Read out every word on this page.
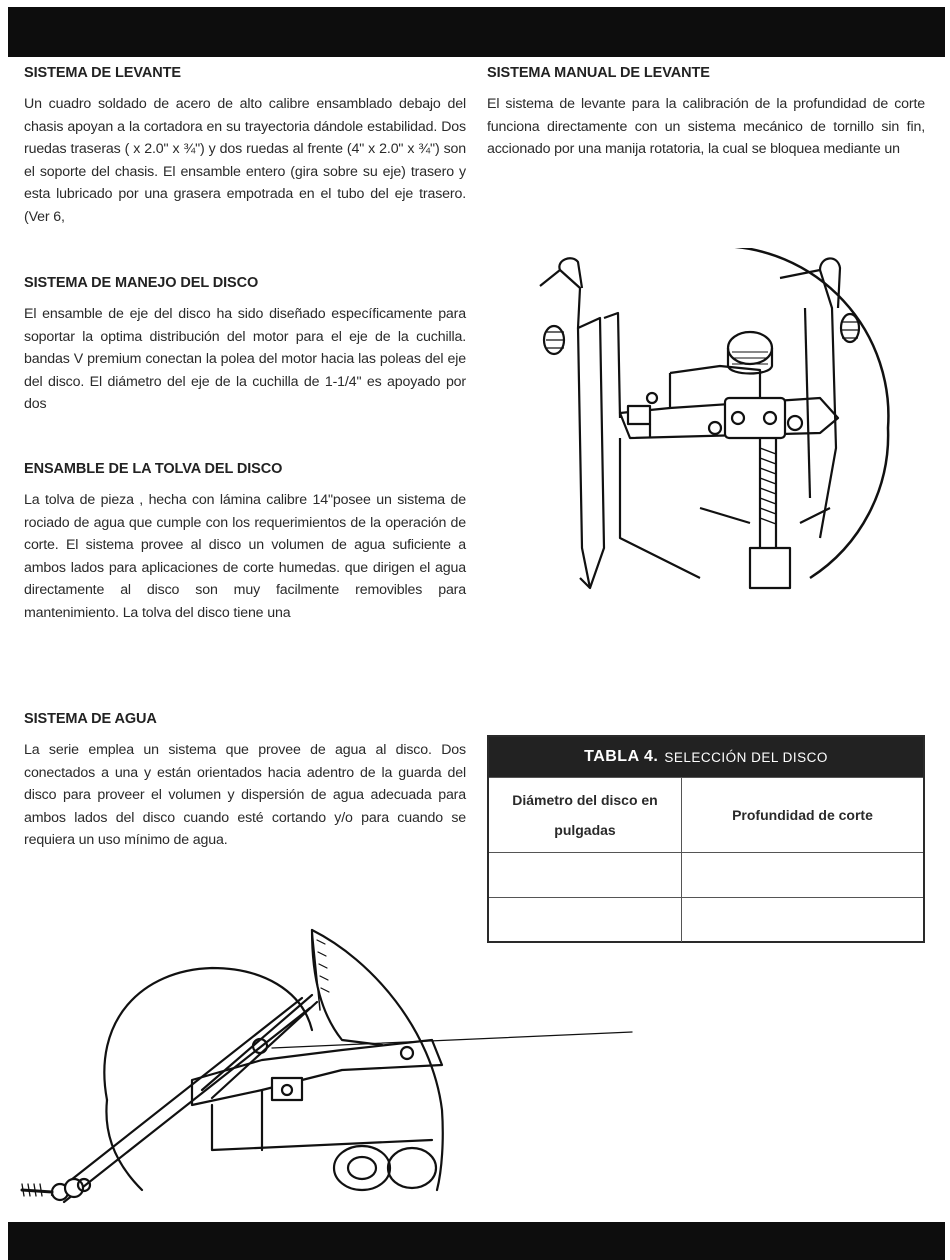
SISTEMA DE LEVANTE

Un cuadro soldado de acero de alto calibre ensamblado debajo del chasis apoyan a la cortadora en su trayectoria dándole estabilidad. Dos ruedas traseras ( x 2.0" x ¾") y dos ruedas al frente (4" x 2.0" x ¾") son el soporte del chasis. El ensamble entero (gira sobre su eje) trasero y esta lubricado por una grasera empotrada en el tubo del eje trasero. (Ver 6,

SISTEMA MANUAL DE LEVANTE

El sistema de levante para la calibración de la profundidad de corte funciona directamente con un sistema mecánico de tornillo sin fin, accionado por una manija rotatoria, la cual se bloquea mediante un

SISTEMA DE MANEJO DEL DISCO

El ensamble de eje del disco ha sido diseñado específicamente para soportar la optima distribución del motor para el eje de la cuchilla. bandas V premium conectan la polea del motor hacia las poleas del eje del disco. El diámetro del eje de la cuchilla de 1-1/4" es apoyado por dos

ENSAMBLE DE LA TOLVA DEL DISCO

La tolva de pieza , hecha con lámina calibre 14"posee un sistema de rociado de agua que cumple con los requerimientos de la operación de corte. El sistema provee al disco un volumen de agua suficiente a ambos lados para aplicaciones de corte humedas. que dirigen el agua directamente al disco son muy facilmente removibles para mantenimiento. La tolva del disco tiene una

SISTEMA DE AGUA

La serie emplea un sistema que provee de agua al disco. Dos conectados a una y están orientados hacia adentro de la guarda del disco para proveer el volumen y dispersión de agua adecuada para ambos lados del disco cuando esté cortando y/o para cuando se requiera un uso mínimo de agua.

TABLA 4. SELECCIÓN DEL DISCO
Diámetro del disco en pulgadas
Profundidad de corte
